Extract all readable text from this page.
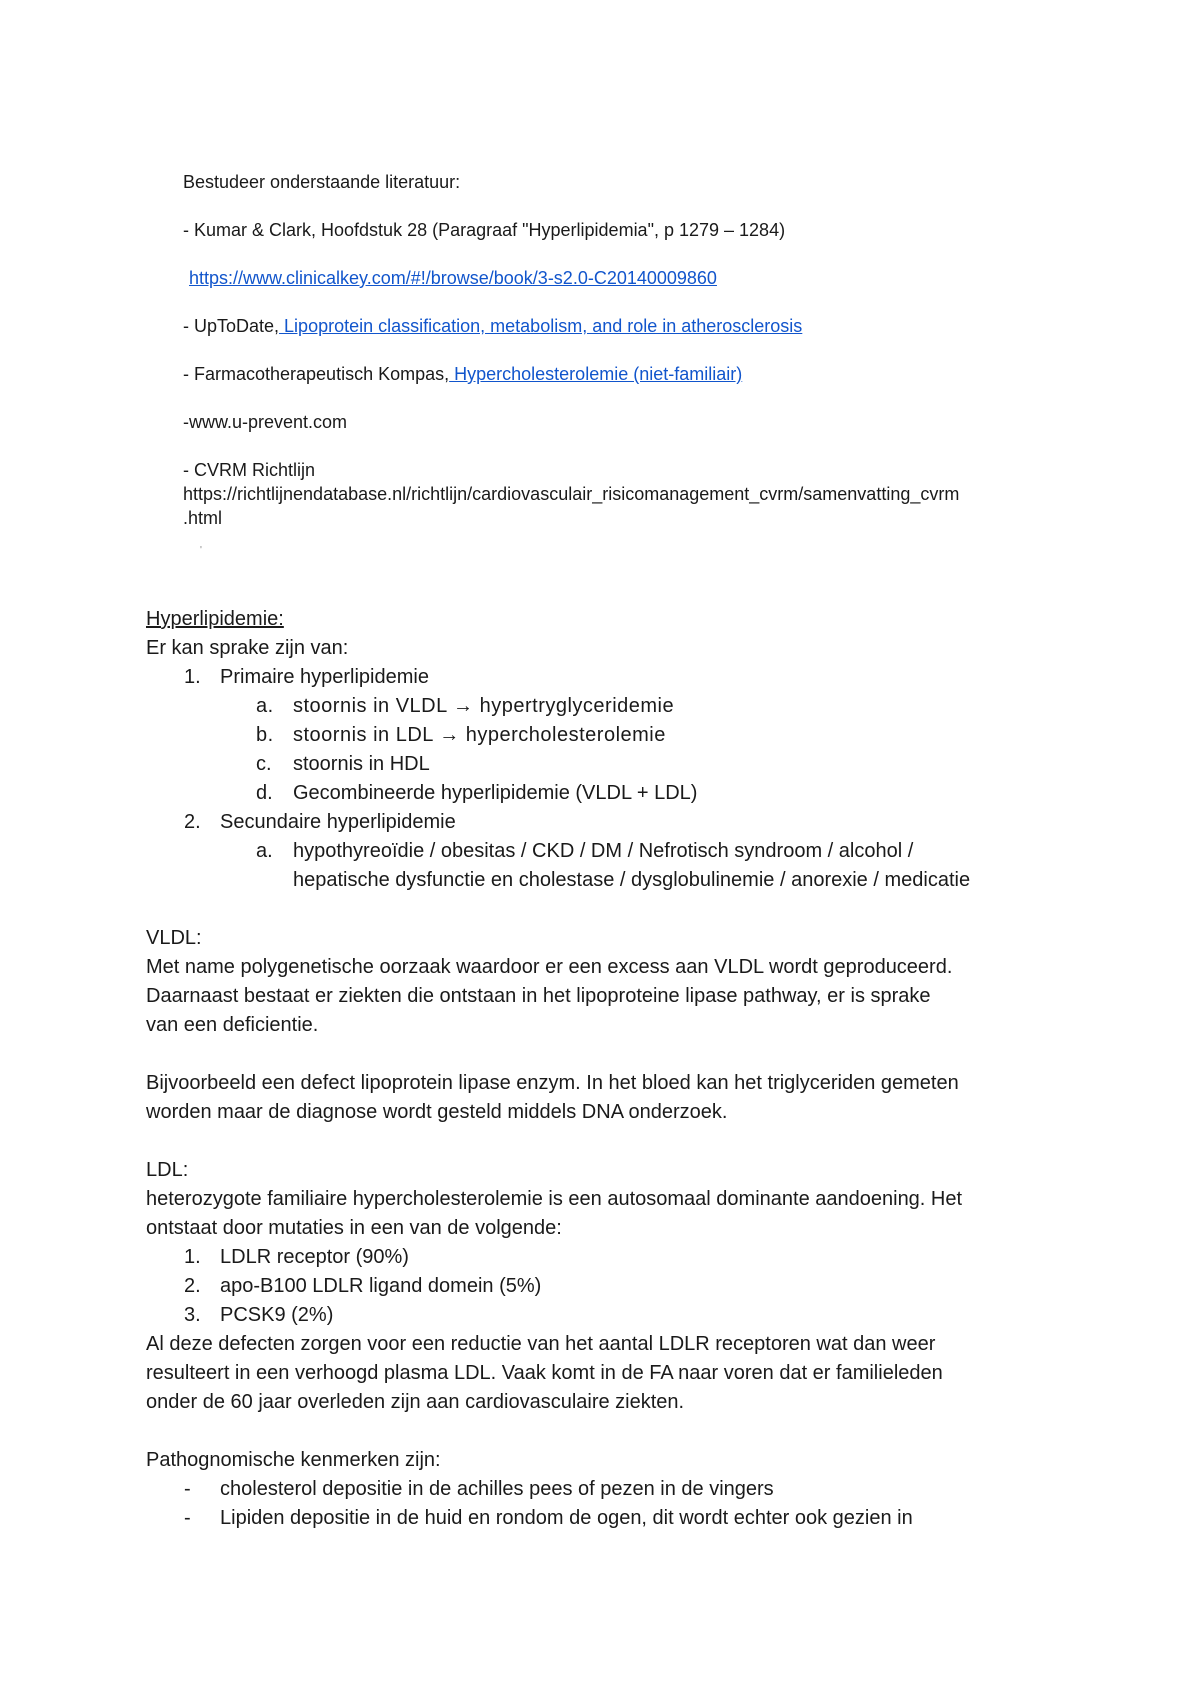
Bestudeer onderstaande literatuur:
- Kumar & Clark, Hoofdstuk 28 (Paragraaf "Hyperlipidemia", p 1279 – 1284)
https://www.clinicalkey.com/#!/browse/book/3-s2.0-C20140009860
- UpToDate, Lipoprotein classification, metabolism, and role in atherosclerosis
- Farmacotherapeutisch Kompas, Hypercholesterolemie (niet-familiair)
-www.u-prevent.com
- CVRM Richtlijn
https://richtlijnendatabase.nl/richtlijn/cardiovasculair_risicomanagement_cvrm/samenvatting_cvrm
.html
'

Hyperlipidemie:

Er kan sprake zijn van:

1. Primaire hyperlipidemie
a. stoornis in VLDL → hypertryglyceridemie
b. stoornis in LDL → hypercholesterolemie
c. stoornis in HDL
d. Gecombineerde hyperlipidemie (VLDL + LDL)
2. Secundaire hyperlipidemie
a. hypothyreoïdie / obesitas / CKD / DM / Nefrotisch syndroom / alcohol /
hepatische dysfunctie en cholestase / dysglobulinemie / anorexie / medicatie

VLDL:

Met name polygenetische oorzaak waardoor er een excess aan VLDL wordt geproduceerd.

Daarnaast bestaat er ziekten die ontstaan in het lipoproteine lipase pathway, er is sprake

van een deficientie.

Bijvoorbeeld een defect lipoprotein lipase enzym. In het bloed kan het triglyceriden gemeten

worden maar de diagnose wordt gesteld middels DNA onderzoek.

LDL:

heterozygote familiaire hypercholesterolemie is een autosomaal dominante aandoening. Het

ontstaat door mutaties in een van de volgende:

1. LDLR receptor (90%)
2. apo-B100 LDLR ligand domein (5%)
3. PCSK9 (2%)

Al deze defecten zorgen voor een reductie van het aantal LDLR receptoren wat dan weer

resulteert in een verhoogd plasma LDL. Vaak komt in de FA naar voren dat er familieleden

onder de 60 jaar overleden zijn aan cardiovasculaire ziekten.

Pathognomische kenmerken zijn:

- cholesterol depositie in de achilles pees of pezen in de vingers
- Lipiden depositie in de huid en rondom de ogen, dit wordt echter ook gezien in
